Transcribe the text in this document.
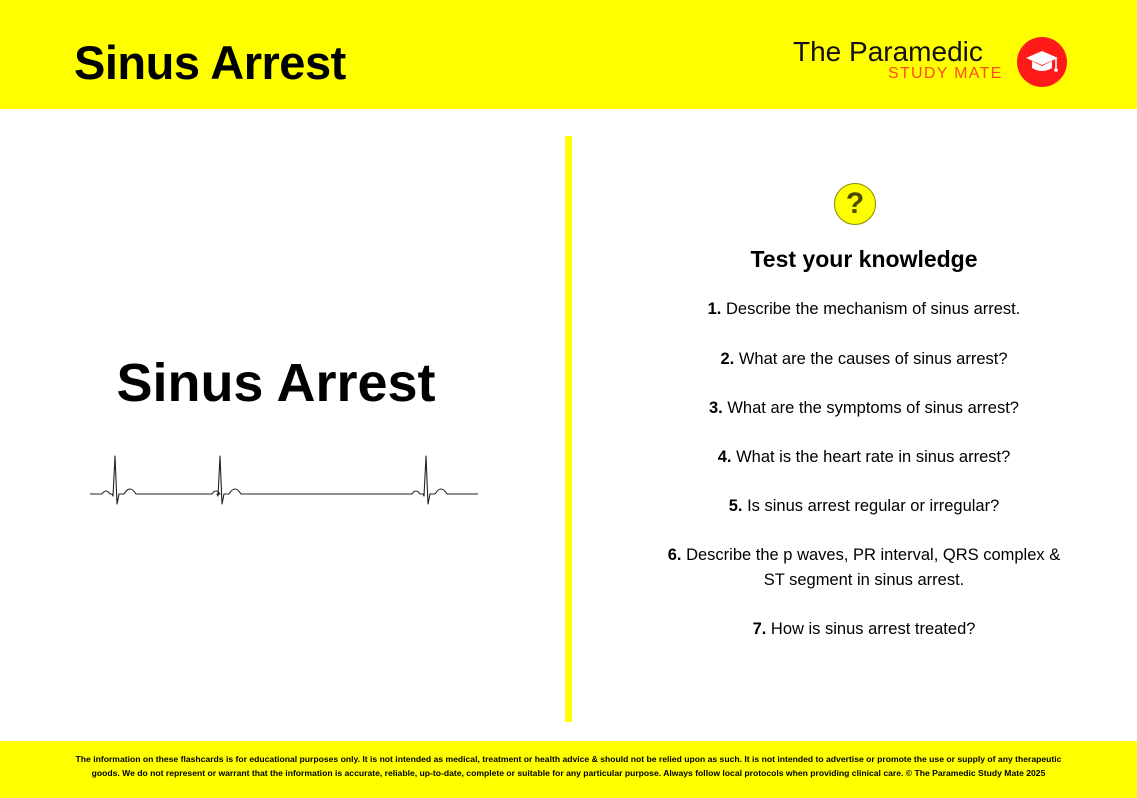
Sinus Arrest	The Paramedic
STUDY MATE
Sinus Arrest
?
Test your knowledge
1. Describe the mechanism of sinus arrest.
2. What are the causes of sinus arrest?
3. What are the symptoms of sinus arrest?
4. What is the heart rate in sinus arrest?
5. Is sinus arrest regular or irregular?
6. Describe the p waves, PR interval, QRS complex &
ST segment in sinus arrest.
7. How is sinus arrest treated?
The information on these flashcards is for educational purposes only. It is not intended as medical, treatment or health advice & should not be relied upon as such. It is not intended to advertise or promote the use or supply of any therapeutic
goods. We do not represent or warrant that the information is accurate, reliable, up-to-date, complete or suitable for any particular purpose. Always follow local protocols when providing clinical care. © The Paramedic Study Mate 2025
